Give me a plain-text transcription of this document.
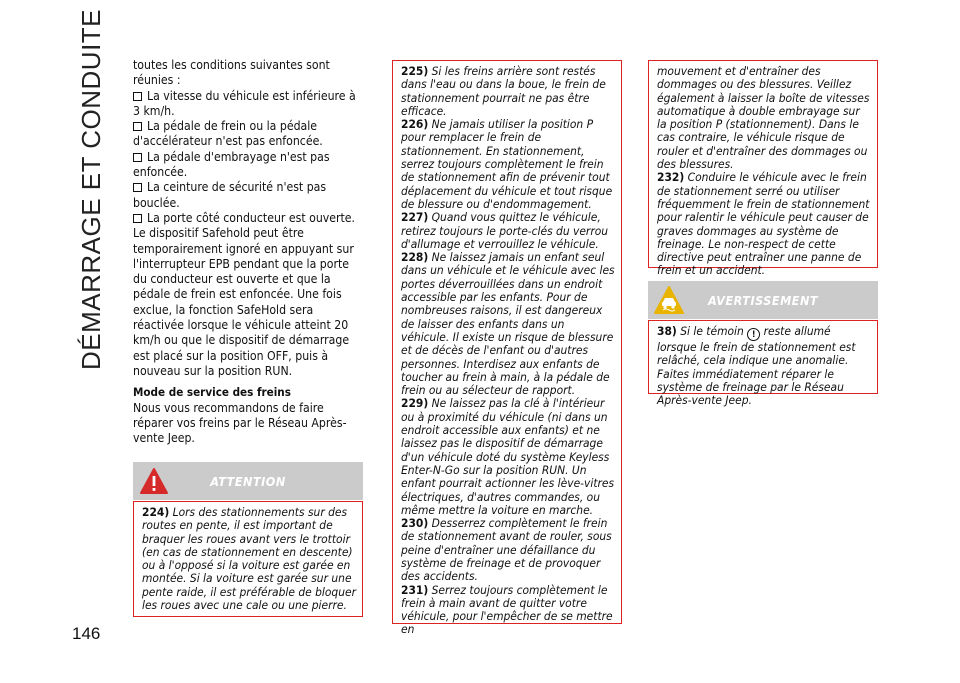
DÉMARRAGE ET CONDUITE
146

toutes les conditions suivantes sont réunies :

La vitesse du véhicule est inférieure à 3 km/h.
La pédale de frein ou la pédale d'accélérateur n'est pas enfoncée.
La pédale d'embrayage n'est pas enfoncée.
La ceinture de sécurité n'est pas bouclée.
La porte côté conducteur est ouverte.

Le dispositif Safehold peut être temporairement ignoré en appuyant sur l'interrupteur EPB pendant que la porte du conducteur est ouverte et que la pédale de frein est enfoncée. Une fois exclue, la fonction SafeHold sera réactivée lorsque le véhicule atteint 20 km/h ou que le dispositif de démarrage est placé sur la position OFF, puis à nouveau sur la position RUN.

Mode de service des freins

Nous vous recommandons de faire réparer vos freins par le Réseau Après-vente Jeep.

ATTENTION

224) Lors des stationnements sur des routes en pente, il est important de braquer les roues avant vers le trottoir (en cas de stationnement en descente) ou à l'opposé si la voiture est garée en montée. Si la voiture est garée sur une pente raide, il est préférable de bloquer les roues avec une cale ou une pierre.

225) Si les freins arrière sont restés dans l'eau ou dans la boue, le frein de stationnement pourrait ne pas être efficace.

226) Ne jamais utiliser la position P pour remplacer le frein de stationnement. En stationnement, serrez toujours complètement le frein de stationnement afin de prévenir tout déplacement du véhicule et tout risque de blessure ou d'endommagement.

227) Quand vous quittez le véhicule, retirez toujours le porte-clés du verrou d'allumage et verrouillez le véhicule.

228) Ne laissez jamais un enfant seul dans un véhicule et le véhicule avec les portes déverrouillées dans un endroit accessible par les enfants. Pour de nombreuses raisons, il est dangereux de laisser des enfants dans un véhicule. Il existe un risque de blessure et de décès de l'enfant ou d'autres personnes. Interdisez aux enfants de toucher au frein à main, à la pédale de frein ou au sélecteur de rapport.

229) Ne laissez pas la clé à l'intérieur ou à proximité du véhicule (ni dans un endroit accessible aux enfants) et ne laissez pas le dispositif de démarrage d'un véhicule doté du système Keyless Enter-N-Go sur la position RUN. Un enfant pourrait actionner les lève-vitres électriques, d'autres commandes, ou même mettre la voiture en marche.

230) Desserrez complètement le frein de stationnement avant de rouler, sous peine d'entraîner une défaillance du système de freinage et de provoquer des accidents.

231) Serrez toujours complètement le frein à main avant de quitter votre véhicule, pour l'empêcher de se mettre en

mouvement et d'entraîner des dommages ou des blessures. Veillez également à laisser la boîte de vitesses automatique à double embrayage sur la position P (stationnement). Dans le cas contraire, le véhicule risque de rouler et d'entraîner des dommages ou des blessures.

232) Conduire le véhicule avec le frein de stationnement serré ou utiliser fréquemment le frein de stationnement pour ralentir le véhicule peut causer de graves dommages au système de freinage. Le non-respect de cette directive peut entraîner une panne de frein et un accident.

AVERTISSEMENT

38) Si le témoin ! reste allumé lorsque le frein de stationnement est relâché, cela indique une anomalie. Faites immédiatement réparer le système de freinage par le Réseau Après-vente Jeep.
